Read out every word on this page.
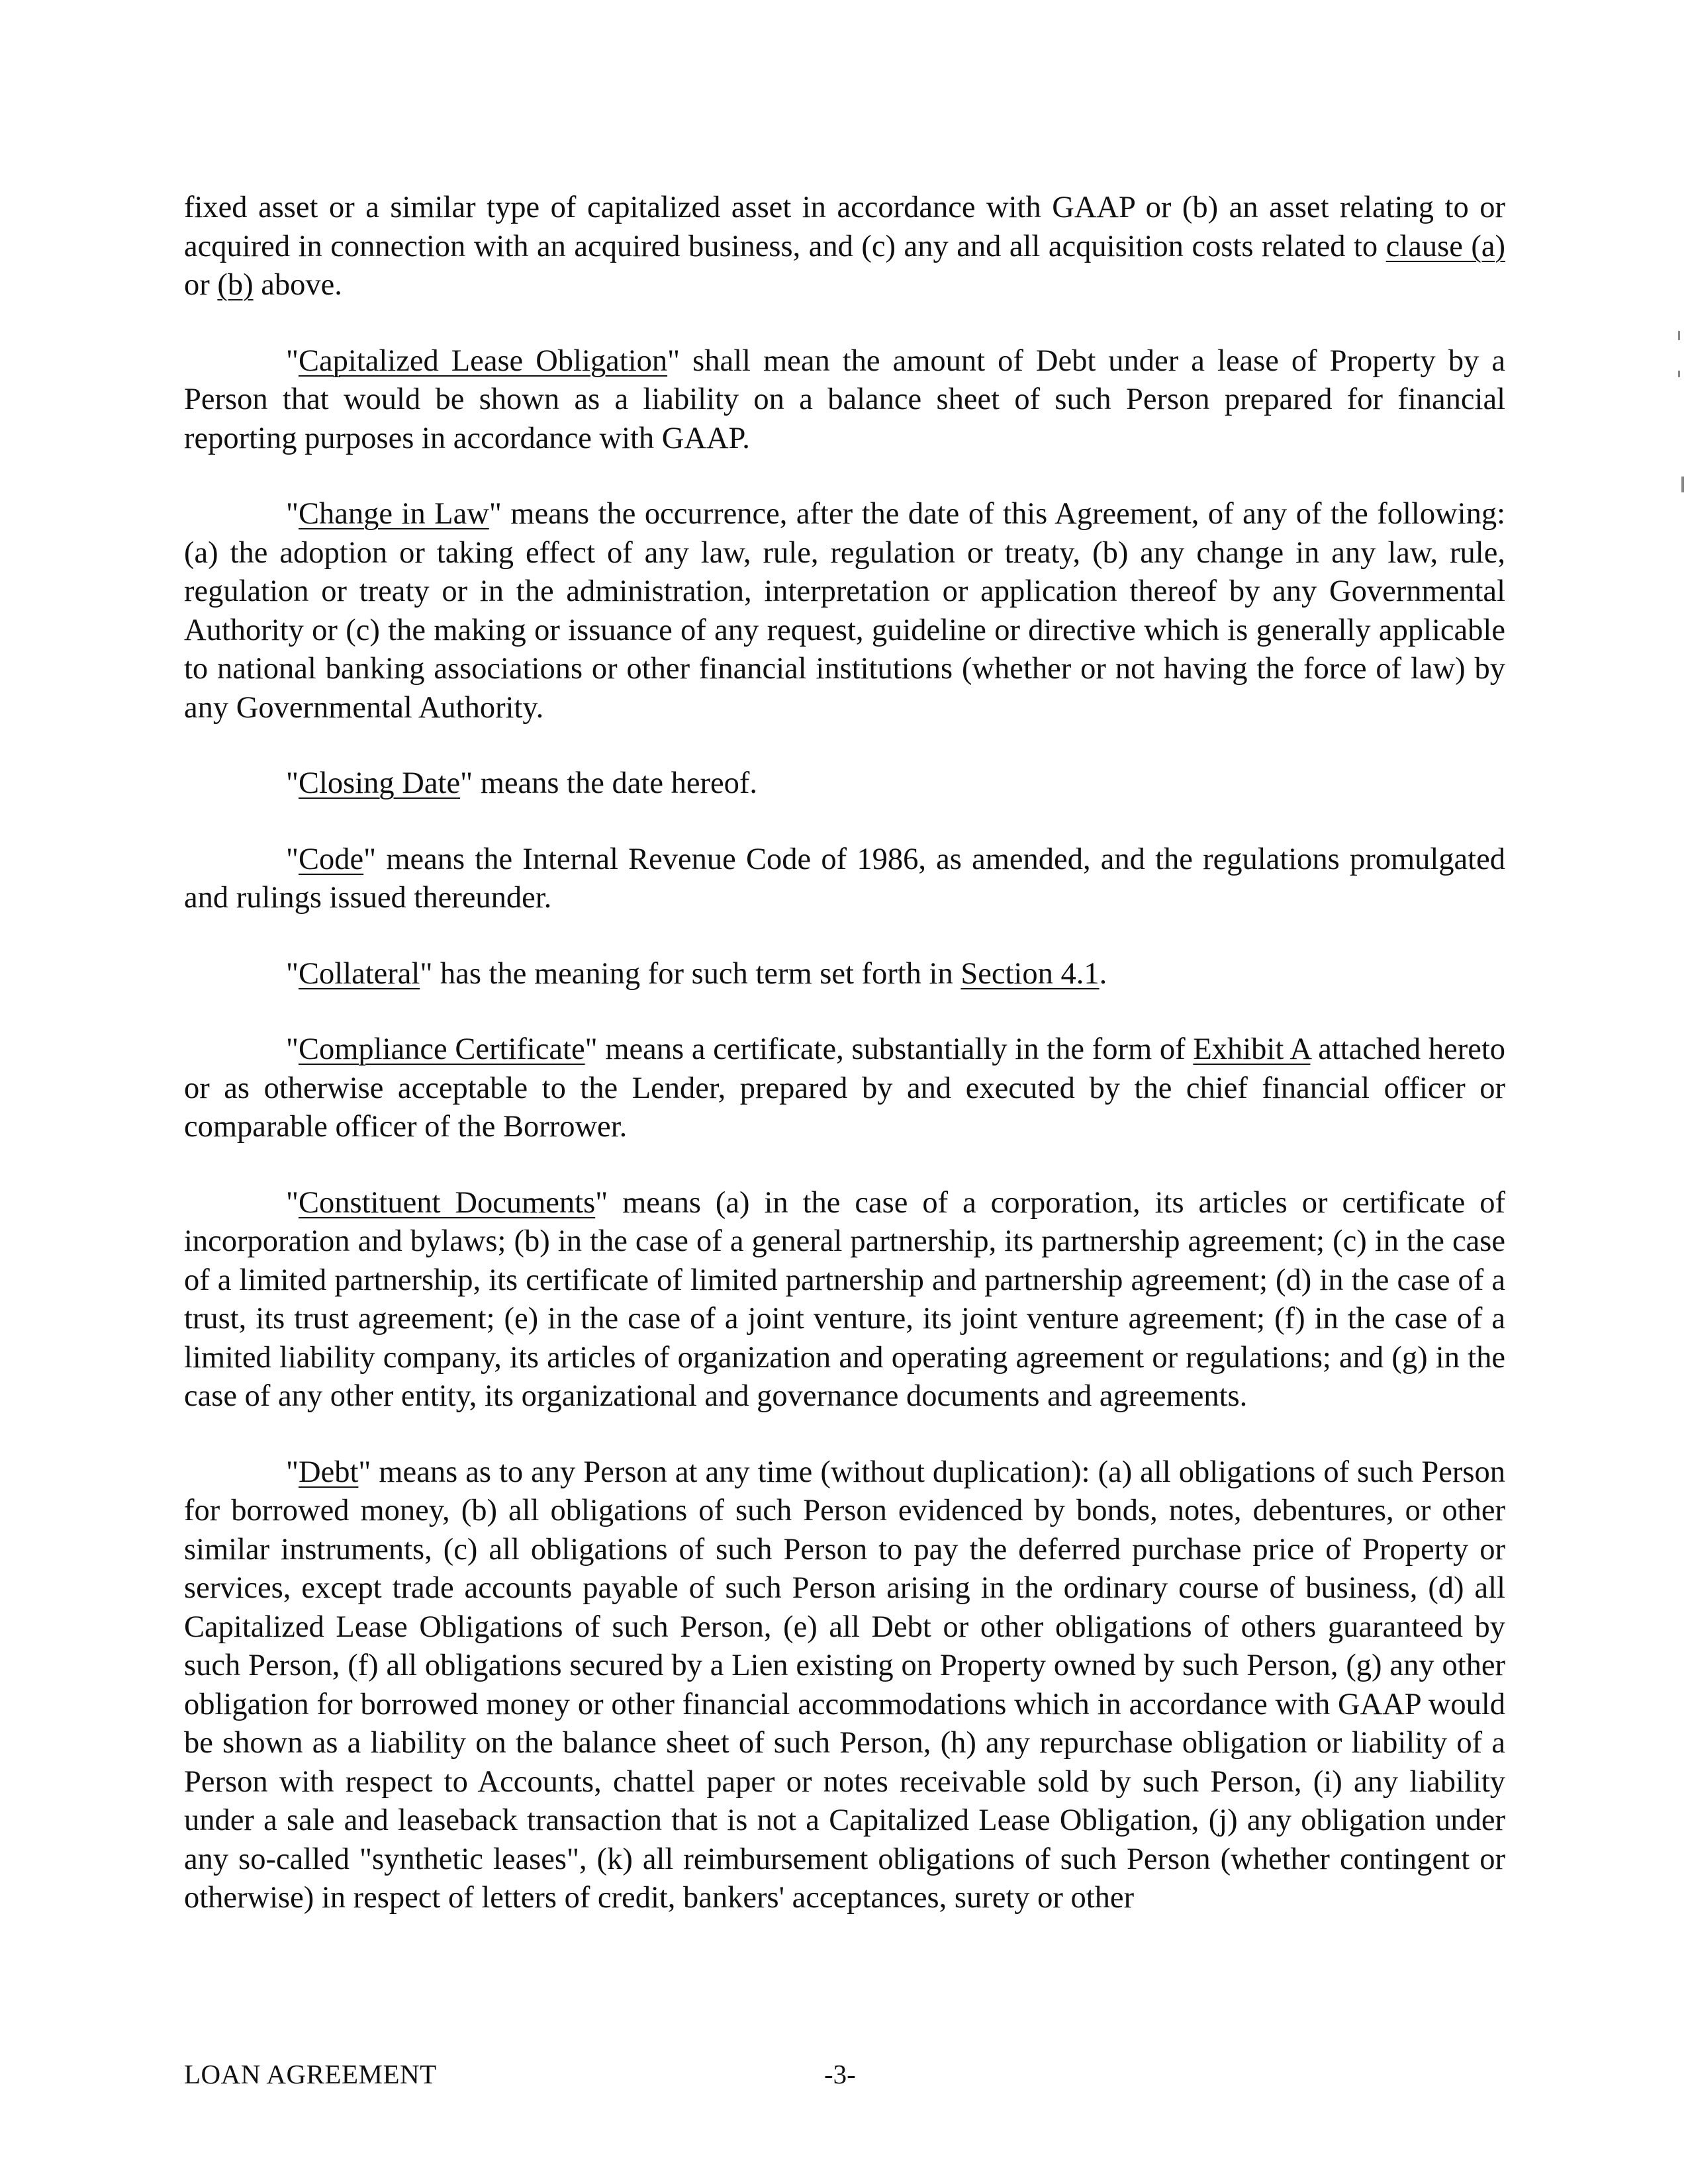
fixed asset or a similar type of capitalized asset in accordance with GAAP or (b) an asset relating to or acquired in connection with an acquired business, and (c) any and all acquisition costs related to clause (a) or (b) above.

"Capitalized Lease Obligation" shall mean the amount of Debt under a lease of Property by a Person that would be shown as a liability on a balance sheet of such Person prepared for financial reporting purposes in accordance with GAAP.

"Change in Law" means the occurrence, after the date of this Agreement, of any of the following: (a) the adoption or taking effect of any law, rule, regulation or treaty, (b) any change in any law, rule, regulation or treaty or in the administration, interpretation or application thereof by any Governmental Authority or (c) the making or issuance of any request, guideline or directive which is generally applicable to national banking associations or other financial institutions (whether or not having the force of law) by any Governmental Authority.

"Closing Date" means the date hereof.

"Code" means the Internal Revenue Code of 1986, as amended, and the regulations promulgated and rulings issued thereunder.

"Collateral" has the meaning for such term set forth in Section 4.1.

"Compliance Certificate" means a certificate, substantially in the form of Exhibit A attached hereto or as otherwise acceptable to the Lender, prepared by and executed by the chief financial officer or comparable officer of the Borrower.

"Constituent Documents" means (a) in the case of a corporation, its articles or certificate of incorporation and bylaws; (b) in the case of a general partnership, its partnership agreement; (c) in the case of a limited partnership, its certificate of limited partnership and partnership agreement; (d) in the case of a trust, its trust agreement; (e) in the case of a joint venture, its joint venture agreement; (f) in the case of a limited liability company, its articles of organization and operating agreement or regulations; and (g) in the case of any other entity, its organizational and governance documents and agreements.

"Debt" means as to any Person at any time (without duplication): (a) all obligations of such Person for borrowed money, (b) all obligations of such Person evidenced by bonds, notes, debentures, or other similar instruments, (c) all obligations of such Person to pay the deferred purchase price of Property or services, except trade accounts payable of such Person arising in the ordinary course of business, (d) all Capitalized Lease Obligations of such Person, (e) all Debt or other obligations of others guaranteed by such Person, (f) all obligations secured by a Lien existing on Property owned by such Person, (g) any other obligation for borrowed money or other financial accommodations which in accordance with GAAP would be shown as a liability on the balance sheet of such Person, (h) any repurchase obligation or liability of a Person with respect to Accounts, chattel paper or notes receivable sold by such Person, (i) any liability under a sale and leaseback transaction that is not a Capitalized Lease Obligation, (j) any obligation under any so-called "synthetic leases", (k) all reimbursement obligations of such Person (whether contingent or otherwise) in respect of letters of credit, bankers' acceptances, surety or other

LOAN AGREEMENT	-3-
